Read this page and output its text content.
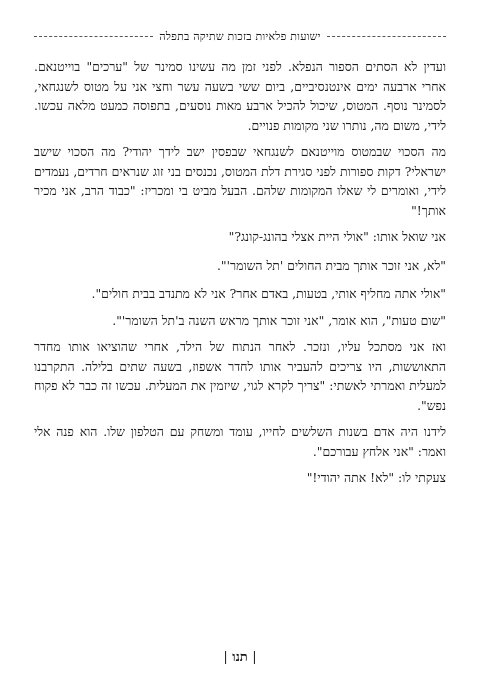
ישועות פלאיות בזכות שתיקה בתפלה

ועדין לא הסתים הספור הנפלא. לפני זמן מה עשינו סמינר של "ערכים" בוייטנאם. אחרי ארבעה ימים אינטנסיביים, ביום ששי בשעה עשר וחצי אני על מטוס לשנגחאי, לסמינר נוסף. המטוס, שיכול להכיל ארבע מאות נוסעים, בתפוסה כמעט מלאה עכשו. לידי, משום מה, נותרו שני מקומות פנויים.

מה הסכוי שבמטוס מוייטנאם לשנגחאי שבפסין ישב לידך יהודי? מה הסכוי שישב ישראלי? דקות ספורות לפני סגירת דלת המטוס, נכנסים בני זוג שנראים חרדים, נעמדים לידי, ואומרים לי שאלו המקומות שלהם. הבעל מביט בי ומכריז: "כבוד הרב, אני מכיר אותך!"

אני שואל אותו: "אולי היית אצלי בהונג-קונג?"

"לא, אני זוכר אותך מבית החולים 'תל השומר'".

"אולי אתה מחליף אותי, בטעות, באדם אחר? אני לא מתנדב בבית חולים".

"שום טעות", הוא אומר, "אני זוכר אותך מראש השנה ב'תל השומר'".

ואז אני מסתכל עליו, ונזכר. לאחר הנתוח של הילד, אחרי שהוציאו אותו מחדר התאוששות, היו צריכים להעביר אותו לחדר אשפוז, בשעה שתים בלילה. התקרבנו למעלית ואמרתי לאשתי: "צריך לקרא לגוי, שיזמין את המעלית. עכשו זה כבר לא פקוח נפש".

לידנו היה אדם בשנות השלשים לחייו, עומד ומשחק עם הטלפון שלו. הוא פנה אלי ואמר: "אני אלחץ עבורכם".

צעקתי לו: "לא! אתה יהודי!"

| תנו |
